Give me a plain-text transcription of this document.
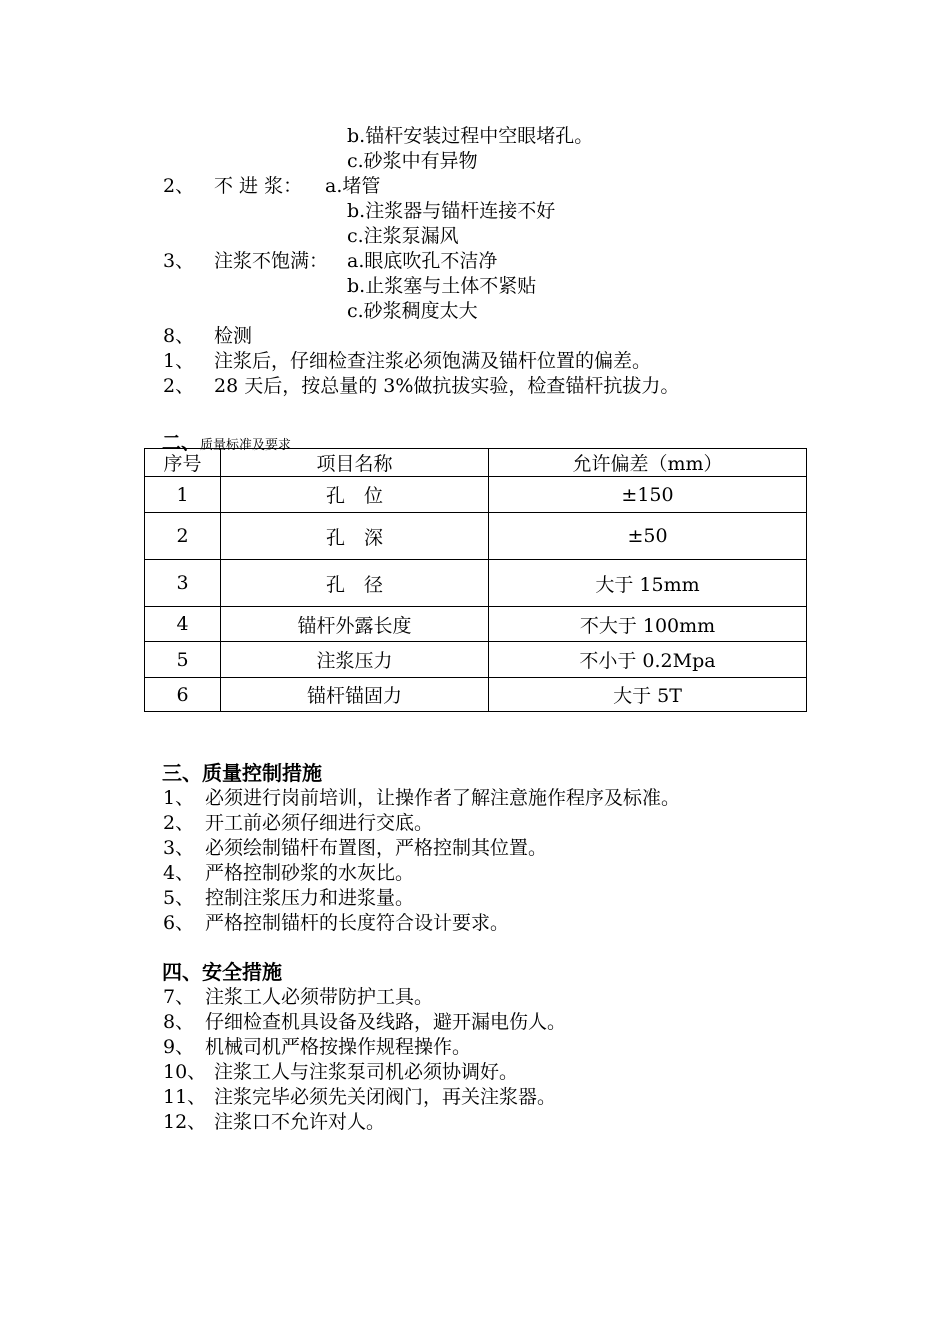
b.锚杆安装过程中空眼堵孔。
c.砂浆中有异物
2、 不 进 浆： a.堵管
b.注浆器与锚杆连接不好
c.注浆泵漏风
3、 注浆不饱满： a.眼底吹孔不洁净
b.止浆塞与土体不紧贴
c.砂浆稠度太大
8、 检测
1、 注浆后，仔细检查注浆必须饱满及锚杆位置的偏差。
2、 28 天后，按总量的 3%做抗拔实验，检查锚杆抗拔力。
二、质量标准及要求
序号	项目名称	允许偏差（mm）
1	孔　位	±150
2	孔　深	±50
3	孔　径	大于 15mm
4	锚杆外露长度	不大于 100mm
5	注浆压力	不小于 0.2Mpa
6	锚杆锚固力	大于 5T
三、质量控制措施
1、 必须进行岗前培训，让操作者了解注意施作程序及标准。
2、 开工前必须仔细进行交底。
3、 必须绘制锚杆布置图，严格控制其位置。
4、 严格控制砂浆的水灰比。
5、 控制注浆压力和进浆量。
6、 严格控制锚杆的长度符合设计要求。
四、安全措施
7、 注浆工人必须带防护工具。
8、 仔细检查机具设备及线路，避开漏电伤人。
9、 机械司机严格按操作规程操作。
10、 注浆工人与注浆泵司机必须协调好。
11、 注浆完毕必须先关闭阀门，再关注浆器。
12、 注浆口不允许对人。
